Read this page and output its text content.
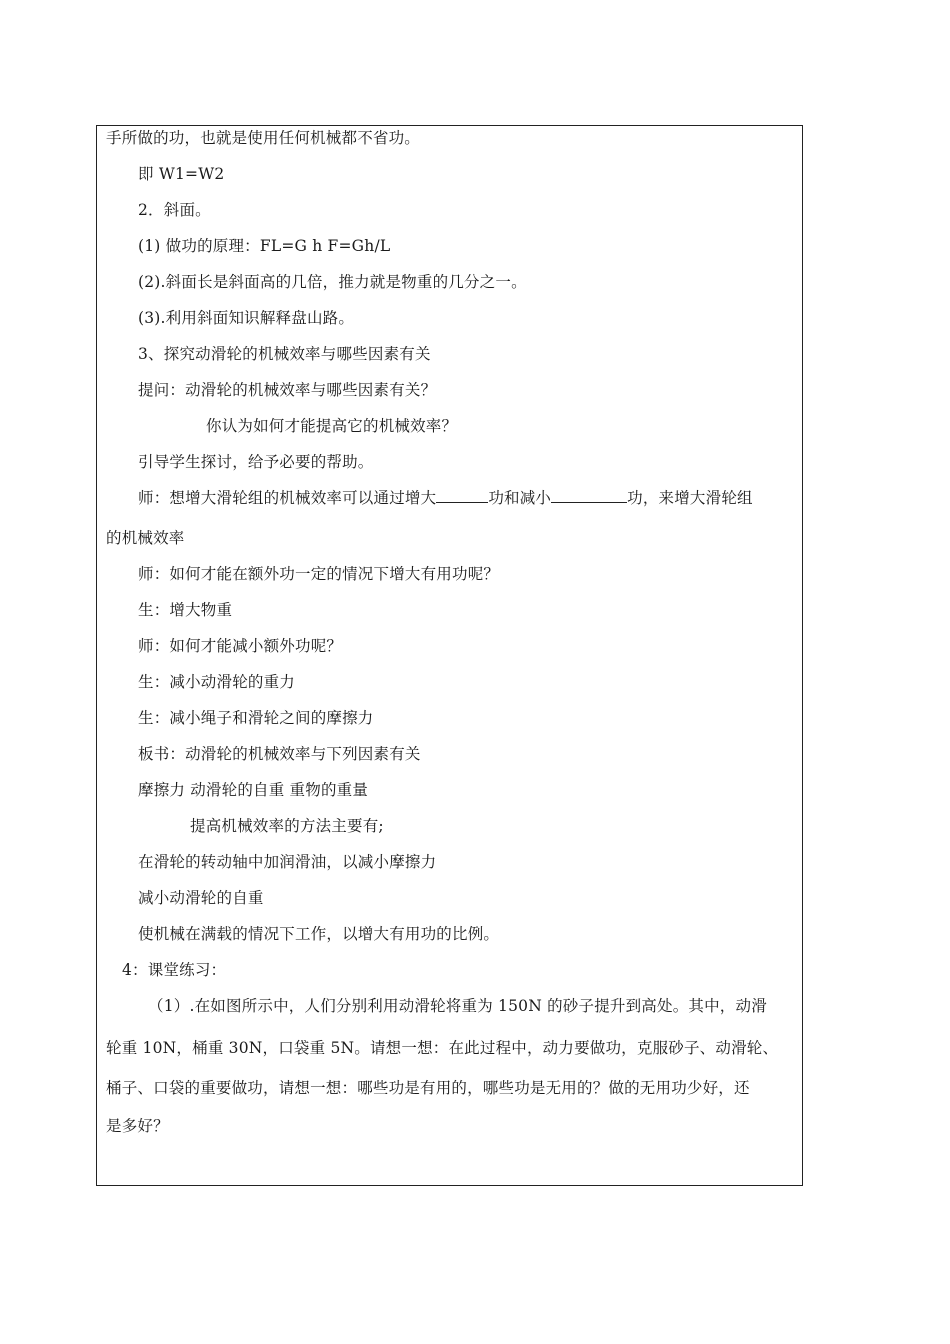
手所做的功，也就是使用任何机械都不省功。
即 W1=W2
2．斜面。
(1) 做功的原理：FL=G h F=Gh/L
(2).斜面长是斜面高的几倍，推力就是物重的几分之一。
(3).利用斜面知识解释盘山路。
3、探究动滑轮的机械效率与哪些因素有关
提问：动滑轮的机械效率与哪些因素有关？
你认为如何才能提高它的机械效率？
引导学生探讨，给予必要的帮助。
师：想增大滑轮组的机械效率可以通过增大	功和减小	功，来增大滑轮组
的机械效率
师：如何才能在额外功一定的情况下增大有用功呢？
生：增大物重
师：如何才能减小额外功呢？
生：减小动滑轮的重力
生：减小绳子和滑轮之间的摩擦力
板书：动滑轮的机械效率与下列因素有关
摩擦力 动滑轮的自重 重物的重量
提高机械效率的方法主要有;
在滑轮的转动轴中加润滑油，以减小摩擦力
减小动滑轮的自重
使机械在满载的情况下工作，以增大有用功的比例。
4：课堂练习：
（1）.在如图所示中，人们分别利用动滑轮将重为 150N 的砂子提升到高处。其中，动滑
轮重 10N，桶重 30N，口袋重 5N。请想一想：在此过程中，动力要做功，克服砂子、动滑轮、
桶子、口袋的重要做功，请想一想：哪些功是有用的，哪些功是无用的？做的无用功少好，还
是多好？
